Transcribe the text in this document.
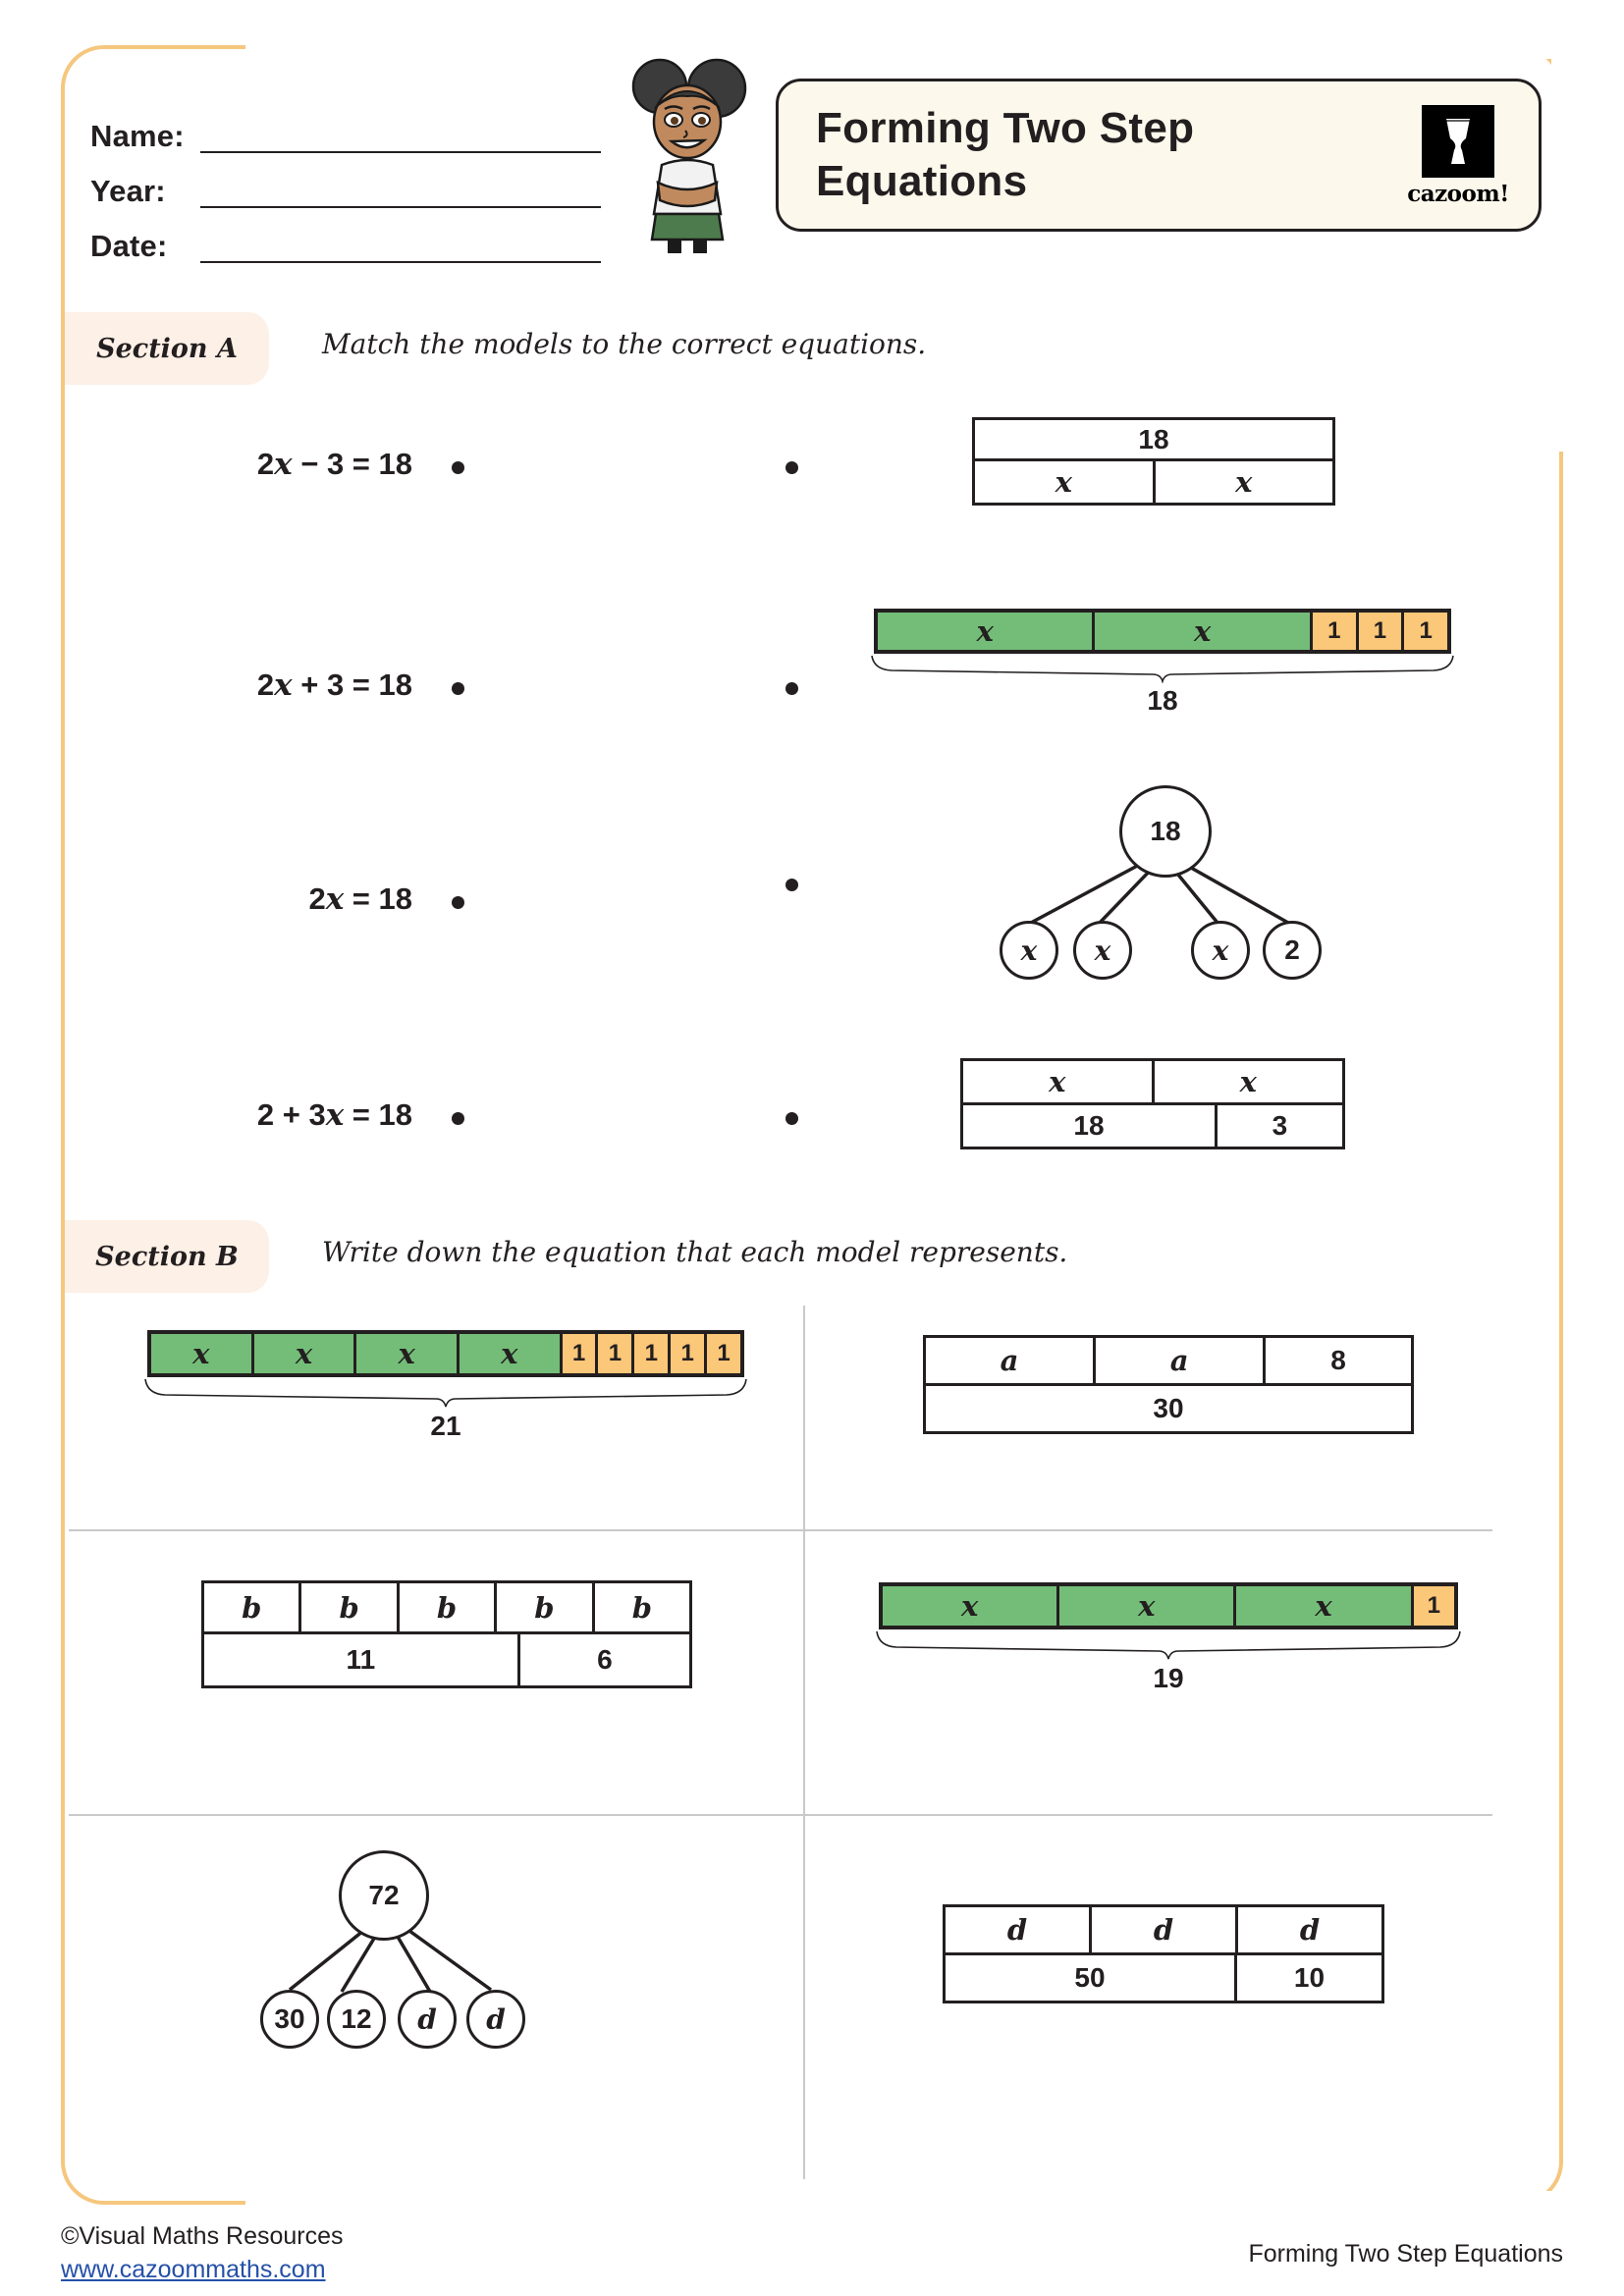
Name:
Year:
Date:
Forming Two Step Equations	cazoom!
Section A	Match the models to the correct equations.
2x − 3 = 18
2x + 3 = 18
2x = 18
2 + 3x = 18
18
x	x
x	x	1 1 1
18
18
x x	x 2
x	x
18	3
Section B	Write down the equation that each model represents.
x	x	x	x 1 1 1 1 1
21
a	a	8
30
b	b	b	b	b
11	6
x	x	x	1
19
72
30 12 d d
d	d	d
50	10
©Visual Maths Resources
www.cazoommaths.com
Forming Two Step Equations
